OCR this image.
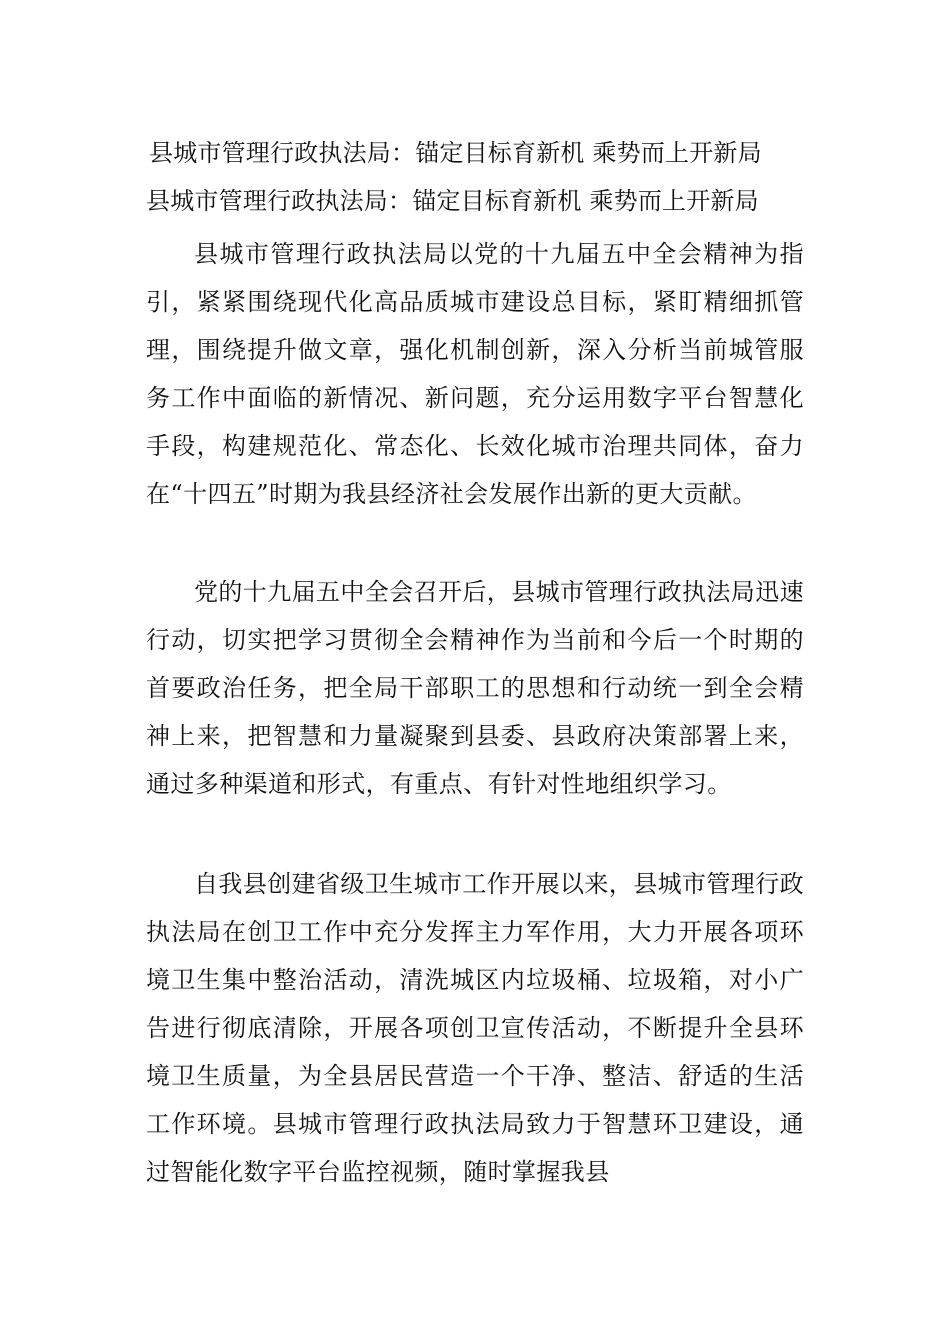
县城市管理行政执法局：锚定目标育新机 乘势而上开新局
县城市管理行政执法局：锚定目标育新机 乘势而上开新局
县城市管理行政执法局以党的十九届五中全会精神为指引，紧紧围绕现代化高品质城市建设总目标，紧盯精细抓管理，围绕提升做文章，强化机制创新，深入分析当前城管服务工作中面临的新情况、新问题，充分运用数字平台智慧化手段，构建规范化、常态化、长效化城市治理共同体，奋力在“十四五”时期为我县经济社会发展作出新的更大贡献。
党的十九届五中全会召开后，县城市管理行政执法局迅速行动，切实把学习贯彻全会精神作为当前和今后一个时期的首要政治任务，把全局干部职工的思想和行动统一到全会精神上来，把智慧和力量凝聚到县委、县政府决策部署上来，通过多种渠道和形式，有重点、有针对性地组织学习。
自我县创建省级卫生城市工作开展以来，县城市管理行政执法局在创卫工作中充分发挥主力军作用，大力开展各项环境卫生集中整治活动，清洗城区内垃圾桶、垃圾箱，对小广告进行彻底清除，开展各项创卫宣传活动，不断提升全县环境卫生质量，为全县居民营造一个干净、整洁、舒适的生活工作环境。县城市管理行政执法局致力于智慧环卫建设，通过智能化数字平台监控视频，随时掌握我县
